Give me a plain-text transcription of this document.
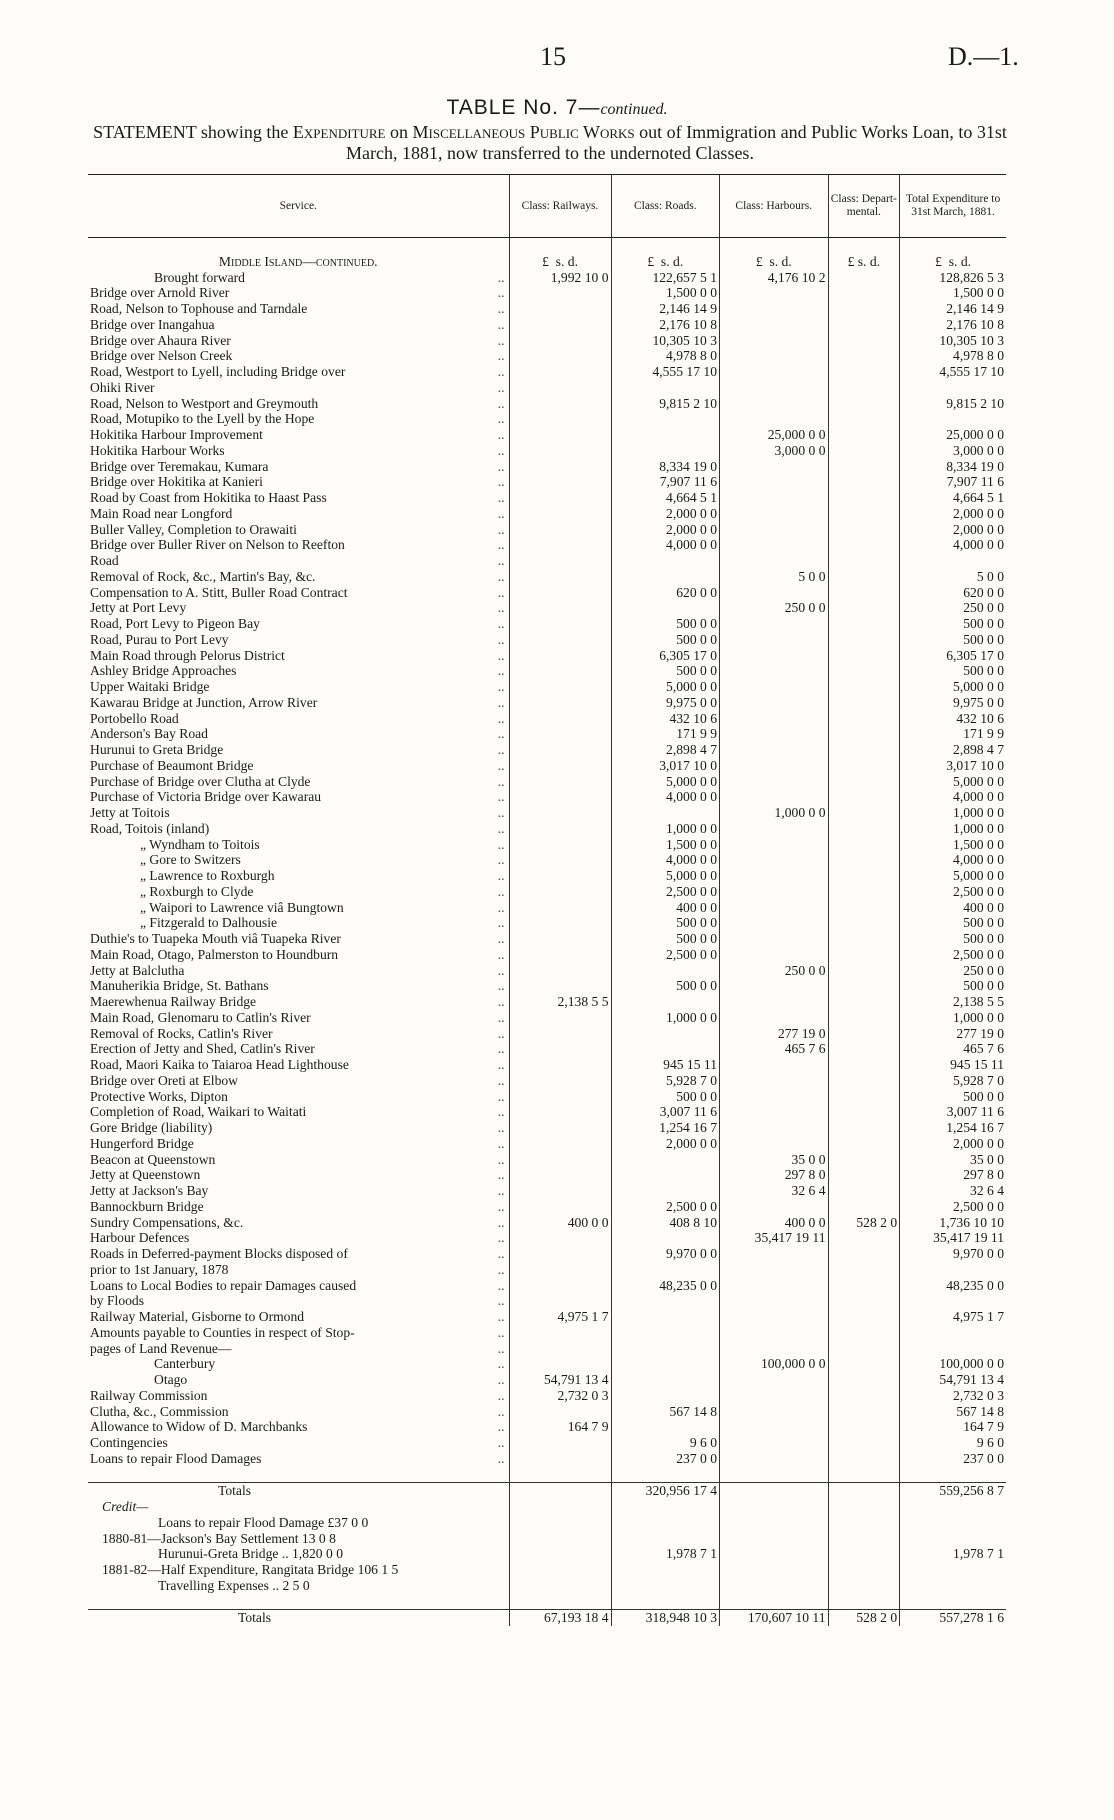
15	D.—1.
TABLE No. 7—continued.
STATEMENT showing the Expenditure on Miscellaneous Public Works out of Immigration and Public Works Loan, to 31st March, 1881, now transferred to the undernoted Classes.
Service.	Class: Railways.	Class: Roads.	Class: Harbours.	Class: Depart-mental.	Total Expenditure to 31st March, 1881.

Middle Island—continued.	£ s. d.	£ s. d.	£ s. d.	£ s. d.	£ s. d.
Brought forward ..	1,992 10 0	122,657 5 1	4,176 10 2		128,826 5 3
Bridge over Arnold River ..		1,500 0 0			1,500 0 0
Road, Nelson to Tophouse and Tarndale ..		2,146 14 9			2,146 14 9
Bridge over Inangahua ..		2,176 10 8			2,176 10 8
Bridge over Ahaura River ..		10,305 10 3			10,305 10 3
Bridge over Nelson Creek ..		4,978 8 0			4,978 8 0
Road, Westport to Lyell, including Bridge over ..		4,555 17 10			4,555 17 10
Ohiki River ..					

Road, Nelson to Westport and Greymouth ..		9,815 2 10			9,815 2 10
Road, Motupiko to the Lyell by the Hope ..					

Hokitika Harbour Improvement ..			25,000 0 0		25,000 0 0
Hokitika Harbour Works ..			3,000 0 0		3,000 0 0
Bridge over Teremakau, Kumara ..		8,334 19 0			8,334 19 0
Bridge over Hokitika at Kanieri ..		7,907 11 6			7,907 11 6
Road by Coast from Hokitika to Haast Pass ..		4,664 5 1			4,664 5 1
Main Road near Longford ..		2,000 0 0			2,000 0 0
Buller Valley, Completion to Orawaiti ..		2,000 0 0			2,000 0 0
Bridge over Buller River on Nelson to Reefton ..		4,000 0 0			4,000 0 0
Road ..					

Removal of Rock, &c., Martin's Bay, &c. ..			5 0 0		5 0 0
Compensation to A. Stitt, Buller Road Contract ..		620 0 0			620 0 0
Jetty at Port Levy ..			250 0 0		250 0 0
Road, Port Levy to Pigeon Bay ..		500 0 0			500 0 0
Road, Purau to Port Levy ..		500 0 0			500 0 0
Main Road through Pelorus District ..		6,305 17 0			6,305 17 0
Ashley Bridge Approaches ..		500 0 0			500 0 0
Upper Waitaki Bridge ..		5,000 0 0			5,000 0 0
Kawarau Bridge at Junction, Arrow River ..		9,975 0 0			9,975 0 0
Portobello Road ..		432 10 6			432 10 6
Anderson's Bay Road ..		171 9 9			171 9 9
Hurunui to Greta Bridge ..		2,898 4 7			2,898 4 7
Purchase of Beaumont Bridge ..		3,017 10 0			3,017 10 0
Purchase of Bridge over Clutha at Clyde ..		5,000 0 0			5,000 0 0
Purchase of Victoria Bridge over Kawarau ..		4,000 0 0			4,000 0 0
Jetty at Toitois ..			1,000 0 0		1,000 0 0
Road, Toitois (inland) ..		1,000 0 0			1,000 0 0
„ Wyndham to Toitois ..		1,500 0 0			1,500 0 0
„ Gore to Switzers ..		4,000 0 0			4,000 0 0
„ Lawrence to Roxburgh ..		5,000 0 0			5,000 0 0
„ Roxburgh to Clyde ..		2,500 0 0			2,500 0 0
„ Waipori to Lawrence viâ Bungtown ..		400 0 0			400 0 0
„ Fitzgerald to Dalhousie ..		500 0 0			500 0 0
Duthie's to Tuapeka Mouth viâ Tuapeka River ..		500 0 0			500 0 0
Main Road, Otago, Palmerston to Houndburn ..		2,500 0 0			2,500 0 0
Jetty at Balclutha ..			250 0 0		250 0 0
Manuherikia Bridge, St. Bathans ..		500 0 0			500 0 0
Maerewhenua Railway Bridge ..	2,138 5 5				2,138 5 5
Main Road, Glenomaru to Catlin's River ..		1,000 0 0			1,000 0 0
Removal of Rocks, Catlin's River ..			277 19 0		277 19 0
Erection of Jetty and Shed, Catlin's River ..			465 7 6		465 7 6
Road, Maori Kaika to Taiaroa Head Lighthouse ..		945 15 11			945 15 11
Bridge over Oreti at Elbow ..		5,928 7 0			5,928 7 0
Protective Works, Dipton ..		500 0 0			500 0 0
Completion of Road, Waikari to Waitati ..		3,007 11 6			3,007 11 6
Gore Bridge (liability) ..		1,254 16 7			1,254 16 7
Hungerford Bridge ..		2,000 0 0			2,000 0 0
Beacon at Queenstown ..			35 0 0		35 0 0
Jetty at Queenstown ..			297 8 0		297 8 0
Jetty at Jackson's Bay ..			32 6 4		32 6 4
Bannockburn Bridge ..		2,500 0 0			2,500 0 0
Sundry Compensations, &c. ..	400 0 0	408 8 10	400 0 0	528 2 0	1,736 10 10
Harbour Defences ..			35,417 19 11		35,417 19 11
Roads in Deferred-payment Blocks disposed of ..		9,970 0 0			9,970 0 0
prior to 1st January, 1878 ..					

Loans to Local Bodies to repair Damages caused ..		48,235 0 0			48,235 0 0
by Floods ..					

Railway Material, Gisborne to Ormond ..	4,975 1 7				4,975 1 7
Amounts payable to Counties in respect of Stop- ..					

pages of Land Revenue— ..					

Canterbury ..			100,000 0 0		100,000 0 0
Otago ..	54,791 13 4				54,791 13 4
Railway Commission ..	2,732 0 3				2,732 0 3
Clutha, &c., Commission ..		567 14 8			567 14 8
Allowance to Widow of D. Marchbanks ..	164 7 9				164 7 9
Contingencies ..		9 6 0			9 6 0
Loans to repair Flood Damages ..		237 0 0			237 0 0

Totals		320,956 17 4			559,256 8 7
Credit—					
Loans to repair Flood Damage £37 0 0					
1880-81—Jackson's Bay Settlement 13 0 8					
Hurunui-Greta Bridge .. 1,820 0 0		1,978 7 1			1,978 7 1
1881-82—Half Expenditure, Rangitata Bridge 106 1 5					
Travelling Expenses .. 2 5 0					

Totals	67,193 18 4	318,948 10 3	170,607 10 11	528 2 0	557,278 1 6
